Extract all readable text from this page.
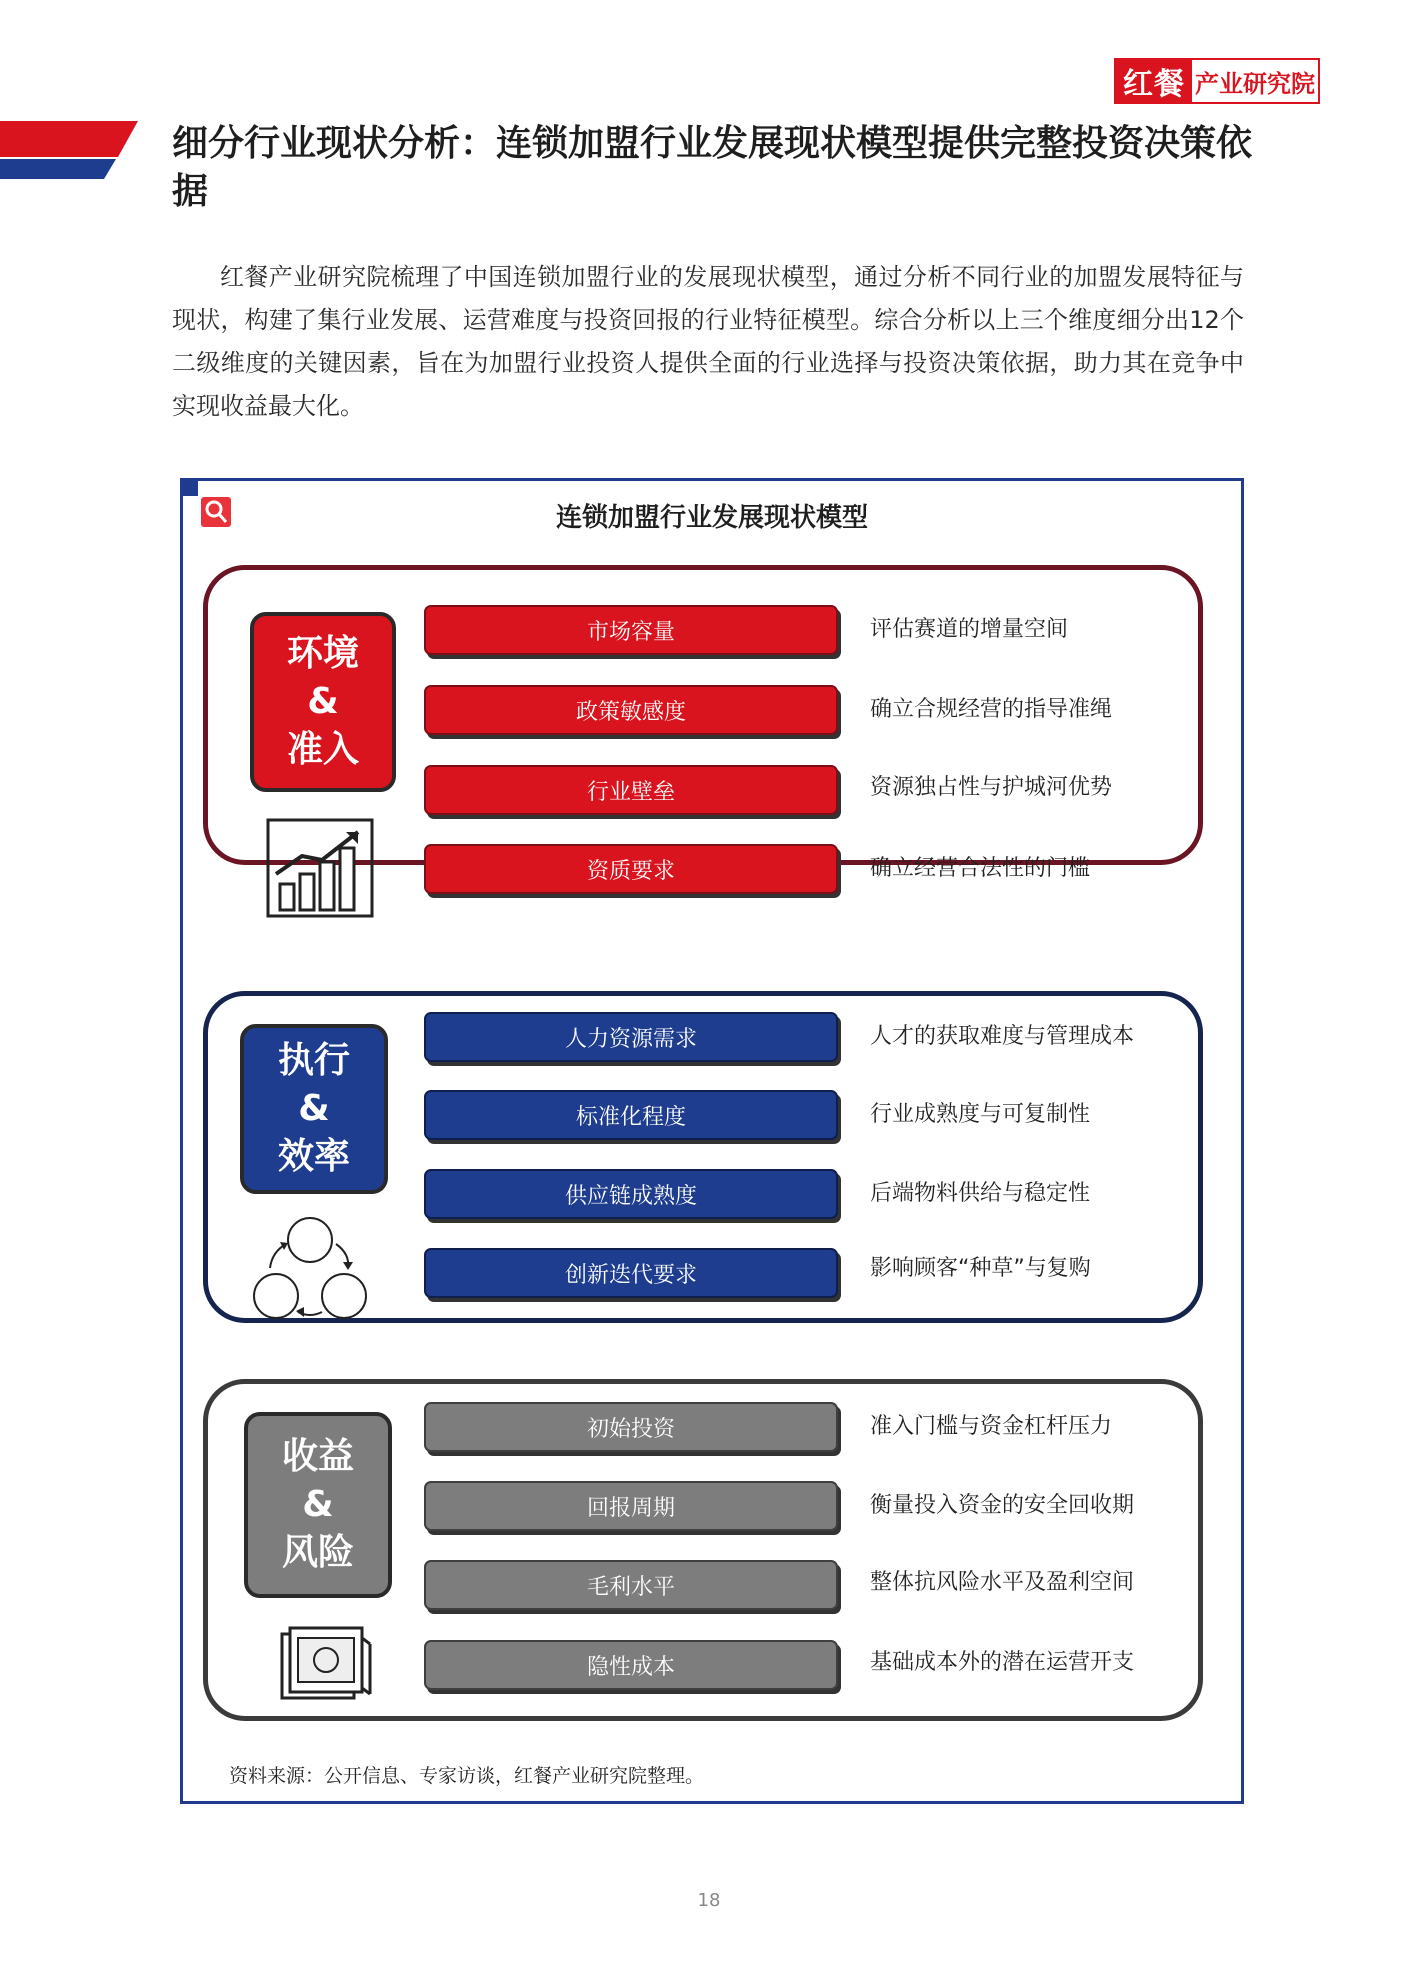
红餐 产业研究院
细分行业现状分析：连锁加盟行业发展现状模型提供完整投资决策依据
红餐产业研究院梳理了中国连锁加盟行业的发展现状模型，通过分析不同行业的加盟发展特征与现状，构建了集行业发展、运营难度与投资回报的行业特征模型。综合分析以上三个维度细分出12个二级维度的关键因素，旨在为加盟行业投资人提供全面的行业选择与投资决策依据，助力其在竞争中实现收益最大化。
连锁加盟行业发展现状模型
环境
&
准入
市场容量	评估赛道的增量空间
政策敏感度	确立合规经营的指导准绳
行业壁垒	资源独占性与护城河优势
资质要求	确立经营合法性的门槛
执行
&
效率
人力资源需求	人才的获取难度与管理成本
标准化程度	行业成熟度与可复制性
供应链成熟度	后端物料供给与稳定性
创新迭代要求	影响顾客“种草”与复购
收益
&
风险
初始投资	准入门槛与资金杠杆压力
回报周期	衡量投入资金的安全回收期
毛利水平	整体抗风险水平及盈利空间
隐性成本	基础成本外的潜在运营开支
资料来源：公开信息、专家访谈，红餐产业研究院整理。
18
